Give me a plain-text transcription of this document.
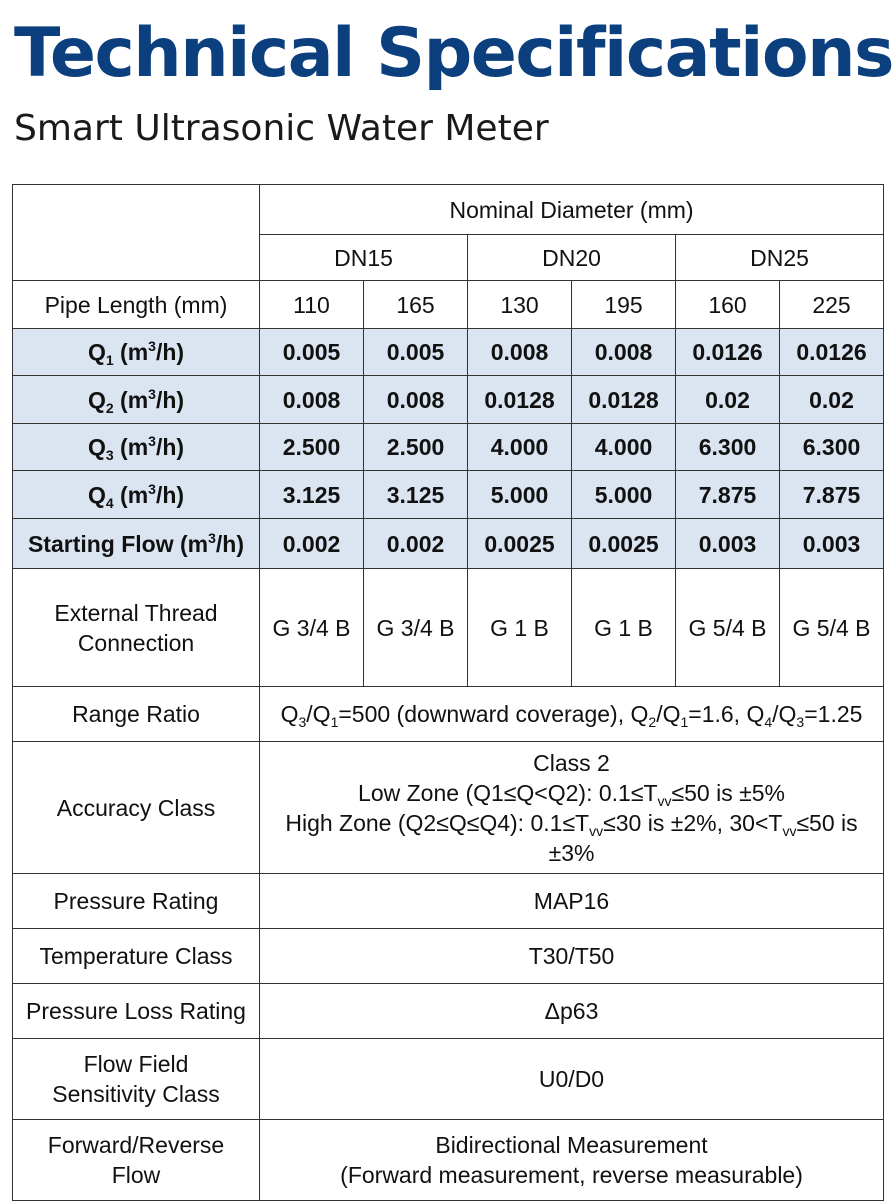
Technical Specifications
Smart Ultrasonic Water Meter
	Nominal Diameter (mm)					
	DN15		DN20		DN25	
Pipe Length (mm)	110	165	130	195	160	225
$Q_1$ $(m^3/h)$	0.005	0.005	0.008	0.008	0.0126	0.0126
$Q_2$ $(m^3/h)$	0.008	0.008	0.0128	0.0128	0.02	0.02
$Q_3$ $(m^3/h)$	2.500	2.500	4.000	4.000	6.300	6.300
$Q_4$ $(m^3/h)$	3.125	3.125	5.000	5.000	7.875	7.875
Starting Flow $(m^3/h)$	0.002	0.002	0.0025	0.0025	0.003	0.003
External Thread
Connection	G 3/4 B	G 3/4 B	G 1 B	G 1 B	G 5/4 B	G 5/4 B
Range Ratio	$Q_3/Q_1=500$ (downward coverage), $Q_2/Q_1=1.6$, $Q_4/Q_3=1.25$					
Accuracy Class	Class 2
Low Zone (Q1≤Q<Q2): $0.1\le T_{vv}\le 50$ is ±5%
High Zone (Q2≤Q≤Q4): $0.1\le T_{vv}\le 30$ is ±2%, $30<T_{vv}\le 50$ is ±3%					
Pressure Rating	MAP16					
Temperature Class	T30/T50					
Pressure Loss Rating	Δp63					
Flow Field
Sensitivity Class	U0/D0					
Forward/Reverse
Flow	Bidirectional Measurement
(Forward measurement, reverse measurable)					
